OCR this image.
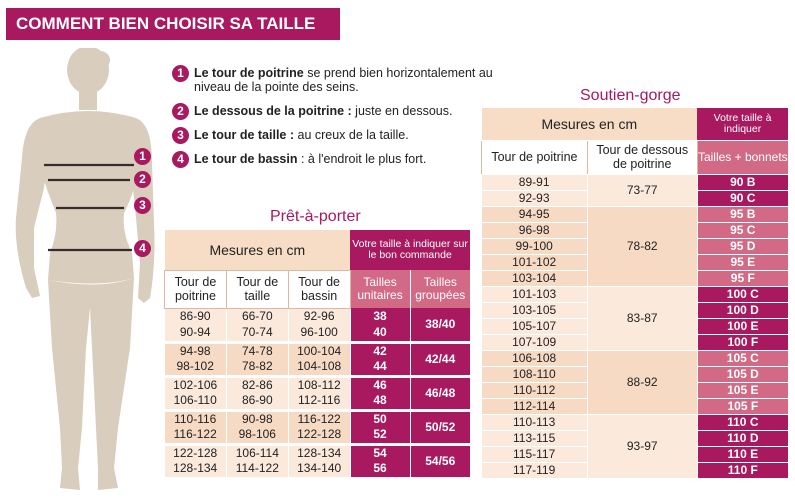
COMMENT BIEN CHOISIR SA TAILLE
1
2
3
4
1 Le tour de poitrine se prend bien horizontalement au niveau de la pointe des seins.
2 Le dessous de la poitrine : juste en dessous.
3 Le tour de taille : au creux de la taille.
4 Le tour de bassin : à l'endroit le plus fort.
Prêt-à-porter
Mesures en cm			Votre taille à indiquer sur le bon commande	
Tour de poitrine	Tour de taille	Tour de bassin	Tailles unitaires	Tailles groupées
86-90	66-70	92-96	38	38/40
90-94	70-74	96-100	40	
94-98	74-78	100-104	42	42/44
98-102	78-82	104-108	44	
102-106	82-86	108-112	46	46/48
106-110	86-90	112-116	48	
110-116	90-98	116-122	50	50/52
116-122	98-106	122-128	52	
122-128	106-114	128-134	54	54/56
128-134	114-122	134-140	56	
Soutien-gorge
Mesures en cm		Votre taille à indiquer
Tour de poitrine	Tour de dessous de poitrine	Tailles + bonnets
89-91	73-77	90 B
92-93		90 C
94-95	78-82	95 B
96-98		95 C
99-100		95 D
101-102		95 E
103-104		95 F
101-103	83-87	100 C
103-105		100 D
105-107		100 E
107-109		100 F
106-108	88-92	105 C
108-110		105 D
110-112		105 E
112-114		105 F
110-113	93-97	110 C
113-115		110 D
115-117		110 E
117-119		110 F
